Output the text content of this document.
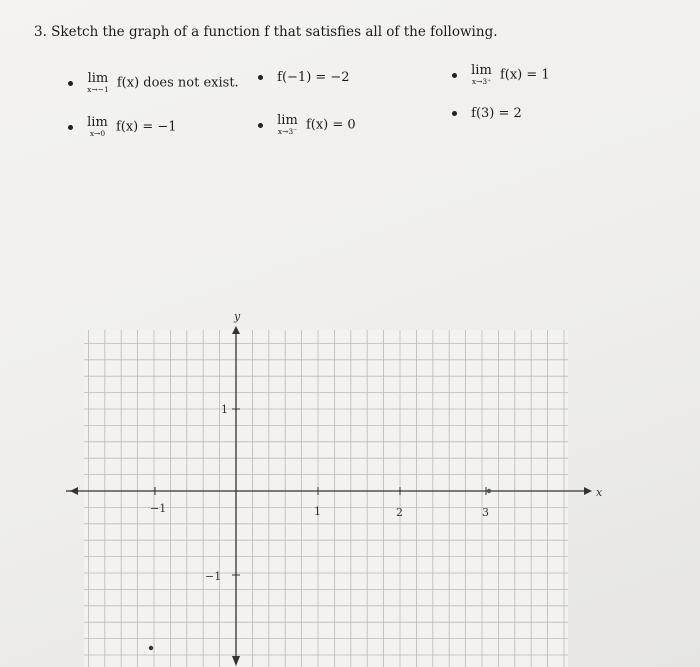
3. Sketch the graph of a function f that satisfies all of the following.

lim
x→−1 f(x) does not exist.	f(−1) = −2
	lim
x→3⁺ f(x) = 1

lim
x→0 f(x) = −1
	lim
x→3⁻ f(x) = 0
f(3) = 2
−1	1	2	3
1
−1
x
y
